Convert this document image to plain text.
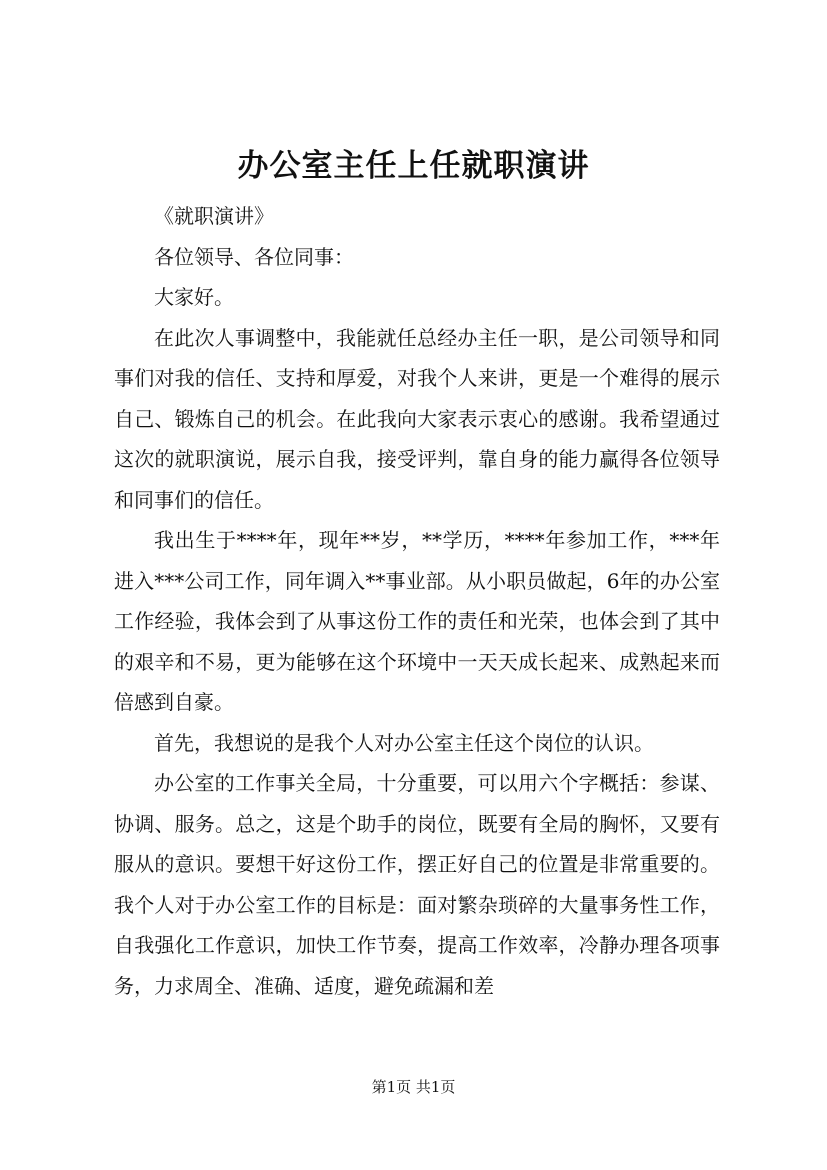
办公室主任上任就职演讲

《就职演讲》

各位领导、各位同事：

大家好。

在此次人事调整中，我能就任总经办主任一职，是公司领导和同事们对我的信任、支持和厚爱，对我个人来讲，更是一个难得的展示自己、锻炼自己的机会。在此我向大家表示衷心的感谢。我希望通过这次的就职演说，展示自我，接受评判，靠自身的能力赢得各位领导和同事们的信任。

我出生于****年，现年**岁，**学历，****年参加工作，***年进入***公司工作，同年调入**事业部。从小职员做起，6年的办公室工作经验，我体会到了从事这份工作的责任和光荣，也体会到了其中的艰辛和不易，更为能够在这个环境中一天天成长起来、成熟起来而倍感到自豪。

首先，我想说的是我个人对办公室主任这个岗位的认识。

办公室的工作事关全局，十分重要，可以用六个字概括：参谋、协调、服务。总之，这是个助手的岗位，既要有全局的胸怀，又要有服从的意识。要想干好这份工作，摆正好自己的位置是非常重要的。我个人对于办公室工作的目标是：面对繁杂琐碎的大量事务性工作，自我强化工作意识，加快工作节奏，提高工作效率，冷静办理各项事务，力求周全、准确、适度，避免疏漏和差

第1页 共1页
